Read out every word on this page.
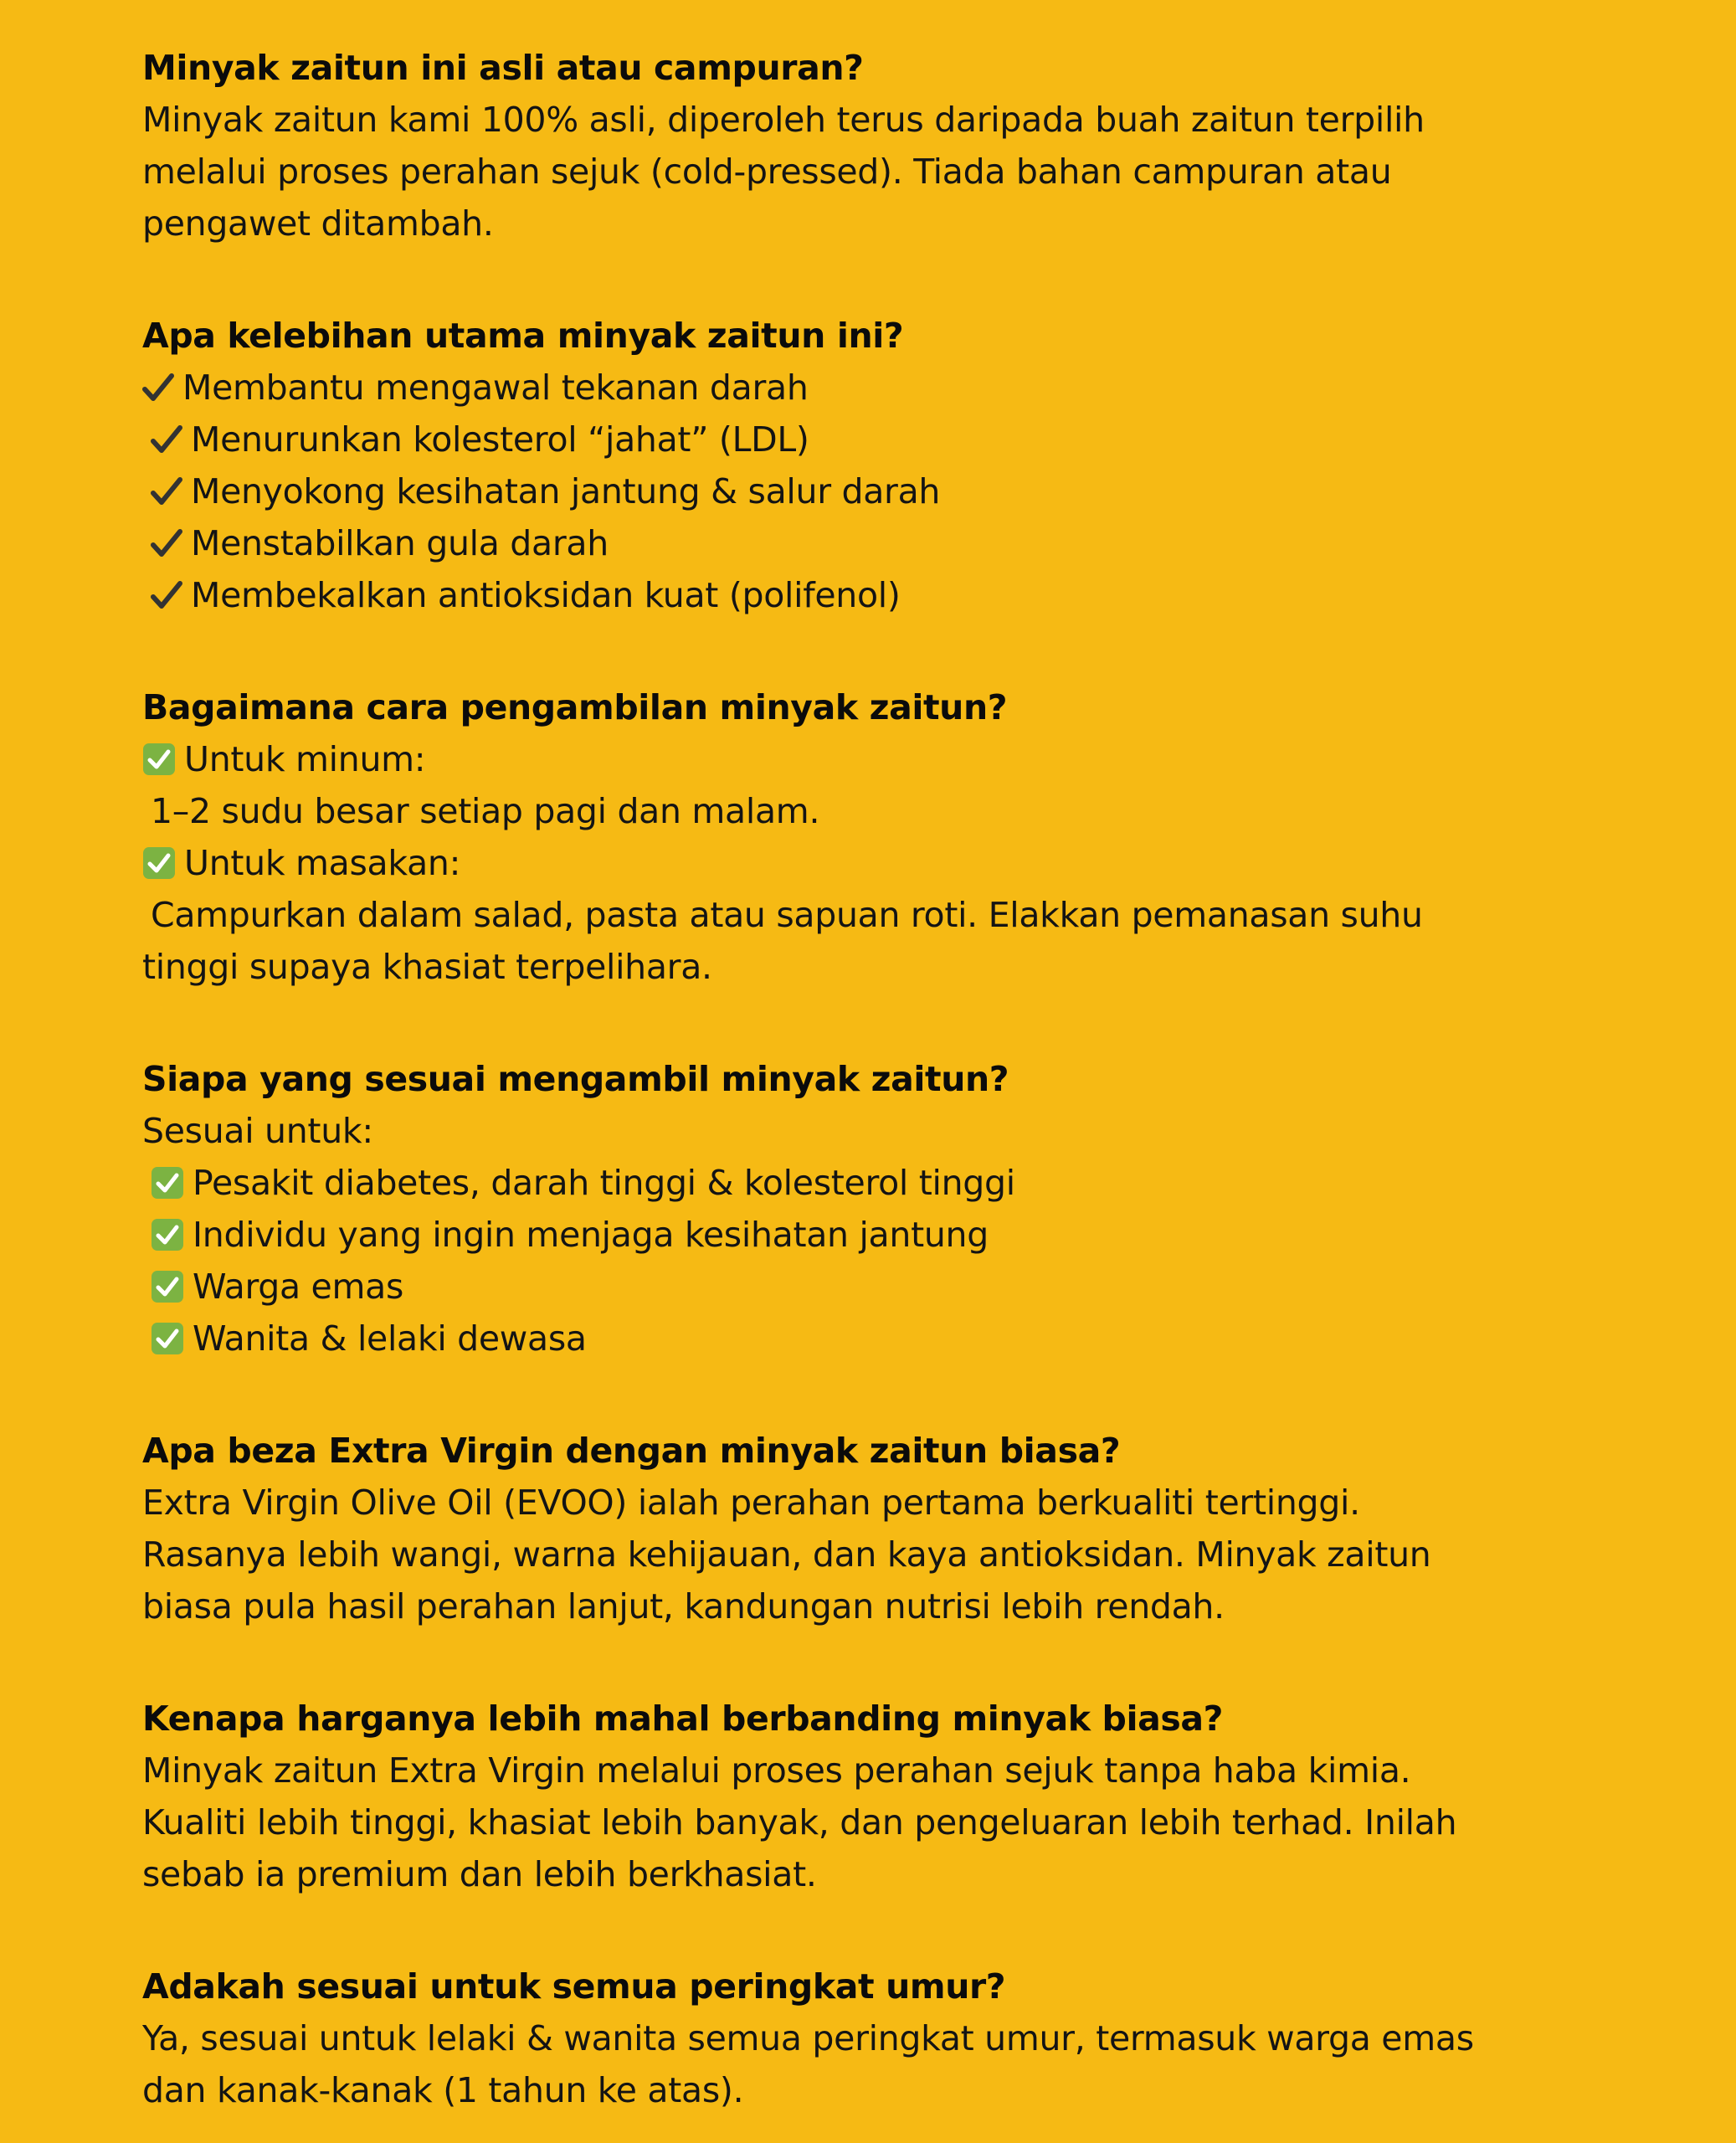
Minyak zaitun ini asli atau campuran?

Minyak zaitun kami 100% asli, diperoleh terus daripada buah zaitun terpilih

melalui proses perahan sejuk (cold-pressed). Tiada bahan campuran atau

pengawet ditambah.

Apa kelebihan utama minyak zaitun ini?
Membantu mengawal tekanan darah
Menurunkan kolesterol “jahat” (LDL)
Menyokong kesihatan jantung & salur darah
Menstabilkan gula darah
Membekalkan antioksidan kuat (polifenol)
Bagaimana cara pengambilan minyak zaitun?
Untuk minum:
1–2 sudu besar setiap pagi dan malam.
Untuk masakan:
Campurkan dalam salad, pasta atau sapuan roti. Elakkan pemanasan suhu
tinggi supaya khasiat terpelihara.
Siapa yang sesuai mengambil minyak zaitun?
Sesuai untuk:
Pesakit diabetes, darah tinggi & kolesterol tinggi
Individu yang ingin menjaga kesihatan jantung
Warga emas
Wanita & lelaki dewasa
Apa beza Extra Virgin dengan minyak zaitun biasa?

Extra Virgin Olive Oil (EVOO) ialah perahan pertama berkualiti tertinggi.

Rasanya lebih wangi, warna kehijauan, dan kaya antioksidan. Minyak zaitun

biasa pula hasil perahan lanjut, kandungan nutrisi lebih rendah.

Kenapa harganya lebih mahal berbanding minyak biasa?

Minyak zaitun Extra Virgin melalui proses perahan sejuk tanpa haba kimia.

Kualiti lebih tinggi, khasiat lebih banyak, dan pengeluaran lebih terhad. Inilah

sebab ia premium dan lebih berkhasiat.

Adakah sesuai untuk semua peringkat umur?

Ya, sesuai untuk lelaki & wanita semua peringkat umur, termasuk warga emas

dan kanak-kanak (1 tahun ke atas).
